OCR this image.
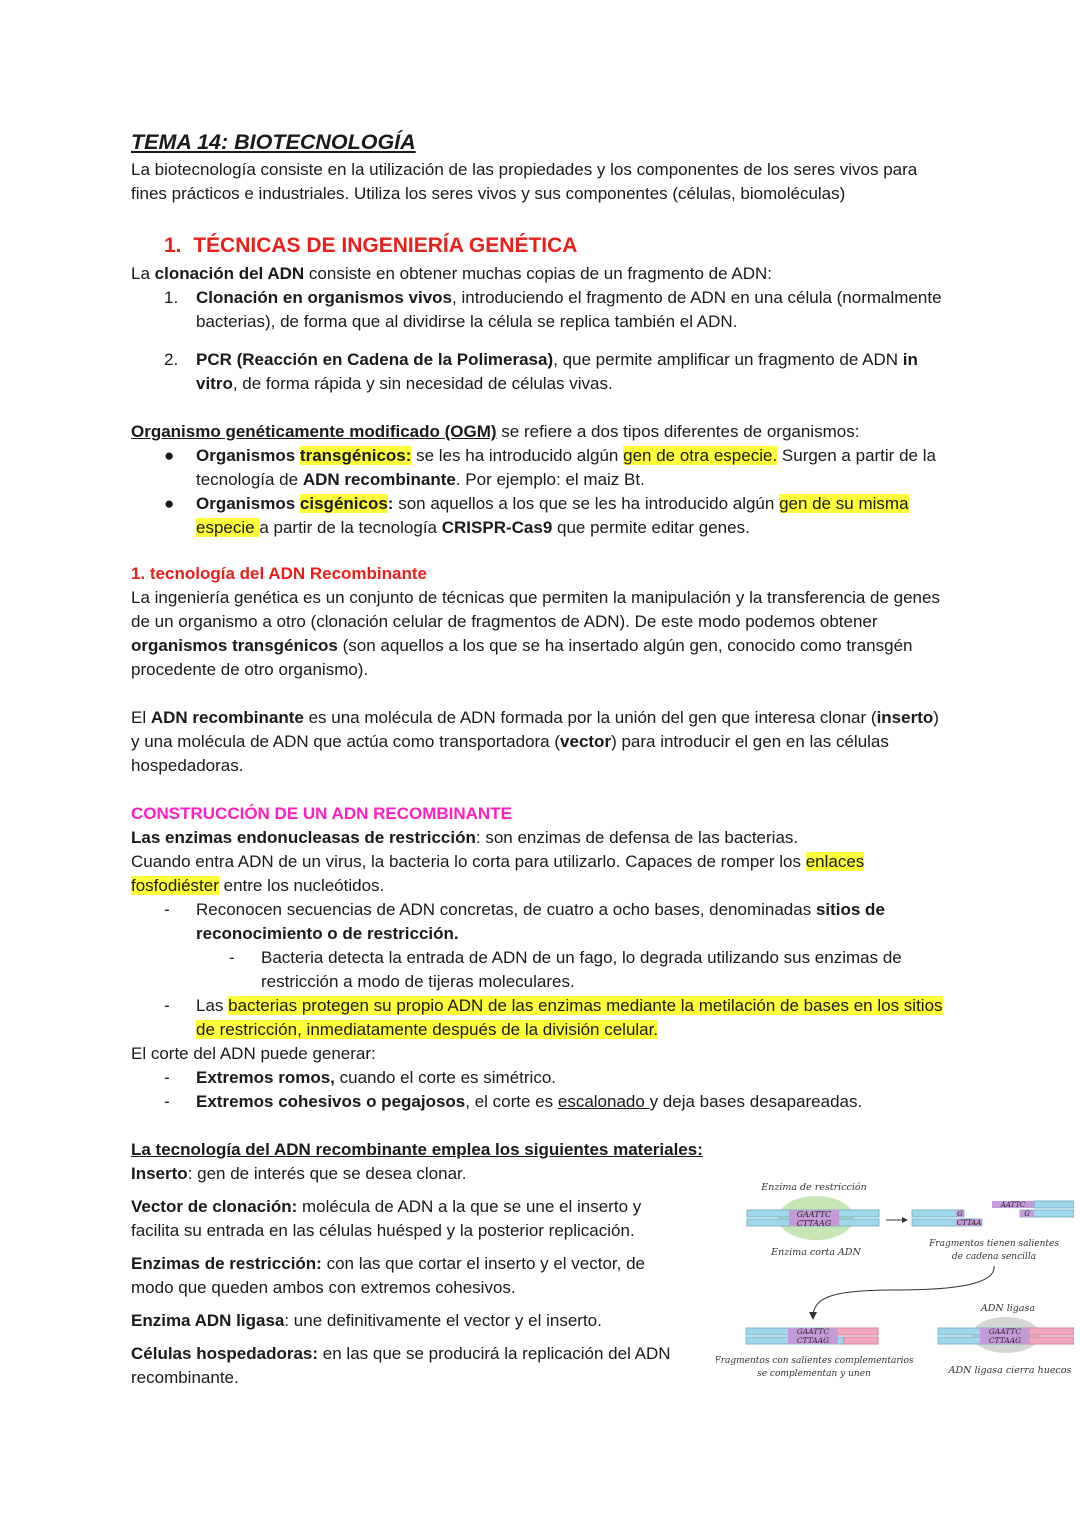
TEMA 14: BIOTECNOLOGÍA

La biotecnología consiste en la utilización de las propiedades y los componentes de los seres vivos para fines prácticos e industriales. Utiliza los seres vivos y sus componentes (células, biomoléculas)

1. TÉCNICAS DE INGENIERÍA GENÉTICA

La clonación del ADN consiste en obtener muchas copias de un fragmento de ADN:

1.	Clonación en organismos vivos, introduciendo el fragmento de ADN en una célula (normalmente bacterias), de forma que al dividirse la célula se replica también el ADN.
2.	PCR (Reacción en Cadena de la Polimerasa), que permite amplificar un fragmento de ADN in vitro, de forma rápida y sin necesidad de células vivas.

Organismo genéticamente modificado (OGM) se refiere a dos tipos diferentes de organismos:

●	Organismos transgénicos: se les ha introducido algún gen de otra especie. Surgen a partir de la tecnología de ADN recombinante. Por ejemplo: el maiz Bt.
●	Organismos cisgénicos: son aquellos a los que se les ha introducido algún gen de su misma especie a partir de la tecnología CRISPR-Cas9 que permite editar genes.

1. tecnología del ADN Recombinante

La ingeniería genética es un conjunto de técnicas que permiten la manipulación y la transferencia de genes de un organismo a otro (clonación celular de fragmentos de ADN). De este modo podemos obtener organismos transgénicos (son aquellos a los que se ha insertado algún gen, conocido como transgén procedente de otro organismo).

El ADN recombinante es una molécula de ADN formada por la unión del gen que interesa clonar (inserto) y una molécula de ADN que actúa como transportadora (vector) para introducir el gen en las células hospedadoras.

CONSTRUCCIÓN DE UN ADN RECOMBINANTE

Las enzimas endonucleasas de restricción: son enzimas de defensa de las bacterias.

Cuando entra ADN de un virus, la bacteria lo corta para utilizarlo. Capaces de romper los enlaces fosfodiéster entre los nucleótidos.

-	Reconocen secuencias de ADN concretas, de cuatro a ocho bases, denominadas sitios de reconocimiento o de restricción.
-	Bacteria detecta la entrada de ADN de un fago, lo degrada utilizando sus enzimas de restricción a modo de tijeras moleculares.
-	Las bacterias protegen su propio ADN de las enzimas mediante la metilación de bases en los sitios de restricción, inmediatamente después de la división celular.

El corte del ADN puede generar:

-	Extremos romos, cuando el corte es simétrico.
-	Extremos cohesivos o pegajosos, el corte es escalonado y deja bases desapareadas.

La tecnología del ADN recombinante emplea los siguientes materiales:

Inserto: gen de interés que se desea clonar.

Vector de clonación: molécula de ADN a la que se une el inserto y facilita su entrada en las células huésped y la posterior replicación.

Enzimas de restricción: con las que cortar el inserto y el vector, de modo que queden ambos con extremos cohesivos.

Enzima ADN ligasa: une definitivamente el vector y el inserto.

Células hospedadoras: en las que se producirá la replicación del ADN recombinante.

Enzima de restricción
GAATTC
CTTAAG
Enzima corta ADN
G
CTTAA
AATTC
G
Fragmentos tienen salientes
de cadena sencilla
GAATTC
CTTAAG
Fragmentos con salientes complementarios
se complementan y unen
ADN ligasa
GAATTC
CTTAAG
ADN ligasa cierra huecos
